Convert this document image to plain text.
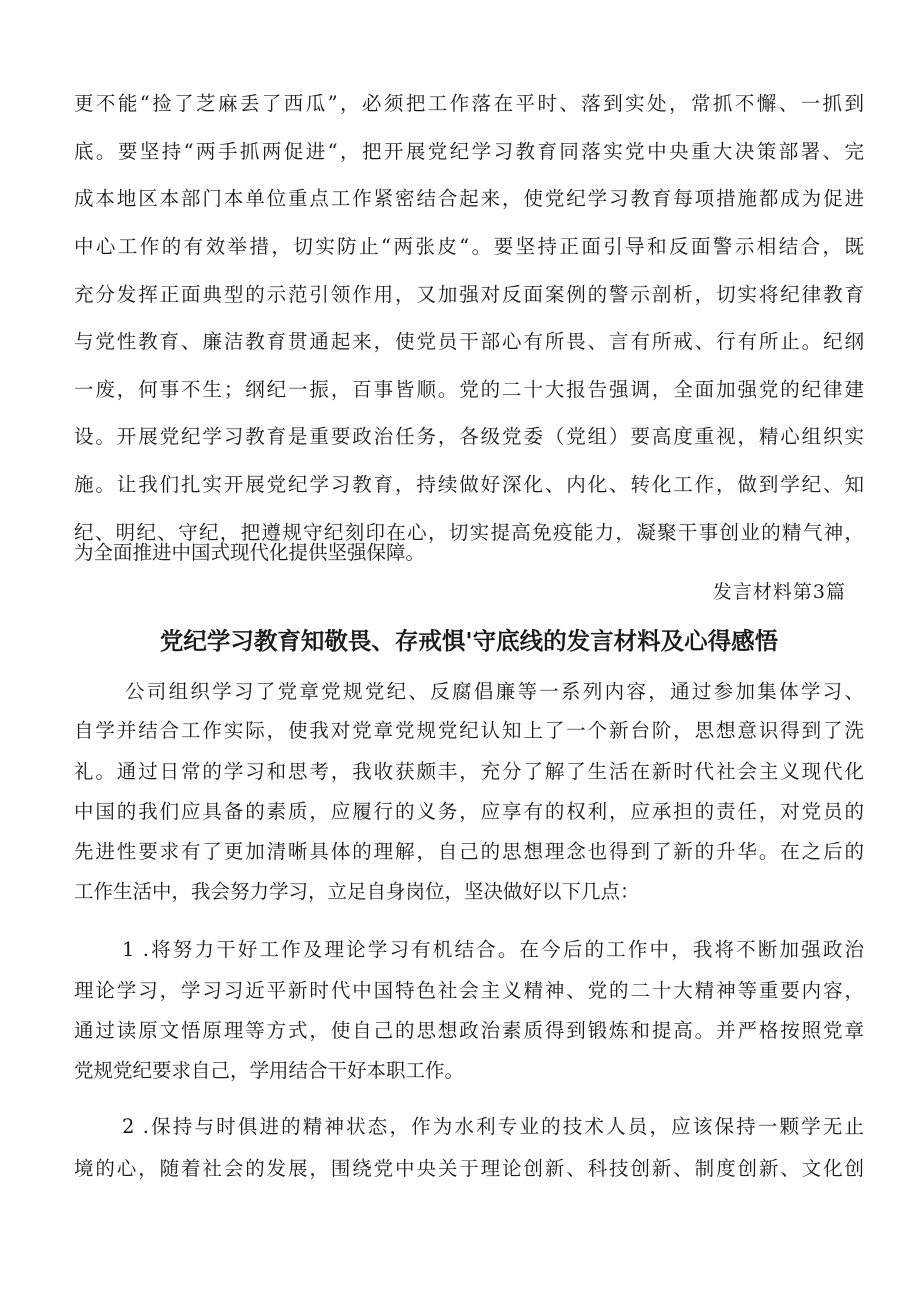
更不能“捡了芝麻丢了西瓜”，必须把工作落在平时、落到实处，常抓不懈、一抓到
底。要坚持“两手抓两促进“，把开展党纪学习教育同落实党中央重大决策部署、完
成本地区本部门本单位重点工作紧密结合起来，使党纪学习教育每项措施都成为促进
中心工作的有效举措，切实防止“两张皮“。要坚持正面引导和反面警示相结合，既
充分发挥正面典型的示范引领作用，又加强对反面案例的警示剖析，切实将纪律教育
与党性教育、廉洁教育贯通起来，使党员干部心有所畏、言有所戒、行有所止。纪纲
一废，何事不生；纲纪一振，百事皆顺。党的二十大报告强调，全面加强党的纪律建
设。开展党纪学习教育是重要政治任务，各级党委（党组）要高度重视，精心组织实
施。让我们扎实开展党纪学习教育，持续做好深化、内化、转化工作，做到学纪、知
纪、明纪、守纪，把遵规守纪刻印在心，切实提高免疫能力，凝聚干事创业的精气神，
为全面推进中国式现代化提供坚强保障。
发言材料第3篇
党纪学习教育知敬畏、存戒惧'守底线的发言材料及心得感悟
公司组织学习了党章党规党纪、反腐倡廉等一系列内容，通过参加集体学习、
自学并结合工作实际，使我对党章党规党纪认知上了一个新台阶，思想意识得到了洗
礼。通过日常的学习和思考，我收获颇丰，充分了解了生活在新时代社会主义现代化
中国的我们应具备的素质，应履行的义务，应享有的权利，应承担的责任，对党员的
先进性要求有了更加清晰具体的理解，自己的思想理念也得到了新的升华。在之后的
工作生活中，我会努力学习，立足自身岗位，坚决做好以下几点：
1 .将努力干好工作及理论学习有机结合。在今后的工作中，我将不断加强政治
理论学习，学习习近平新时代中国特色社会主义精神、党的二十大精神等重要内容，
通过读原文悟原理等方式，使自己的思想政治素质得到锻炼和提高。并严格按照党章
党规党纪要求自己，学用结合干好本职工作。
2 .保持与时俱进的精神状态，作为水利专业的技术人员，应该保持一颗学无止
境的心，随着社会的发展，围绕党中央关于理论创新、科技创新、制度创新、文化创
